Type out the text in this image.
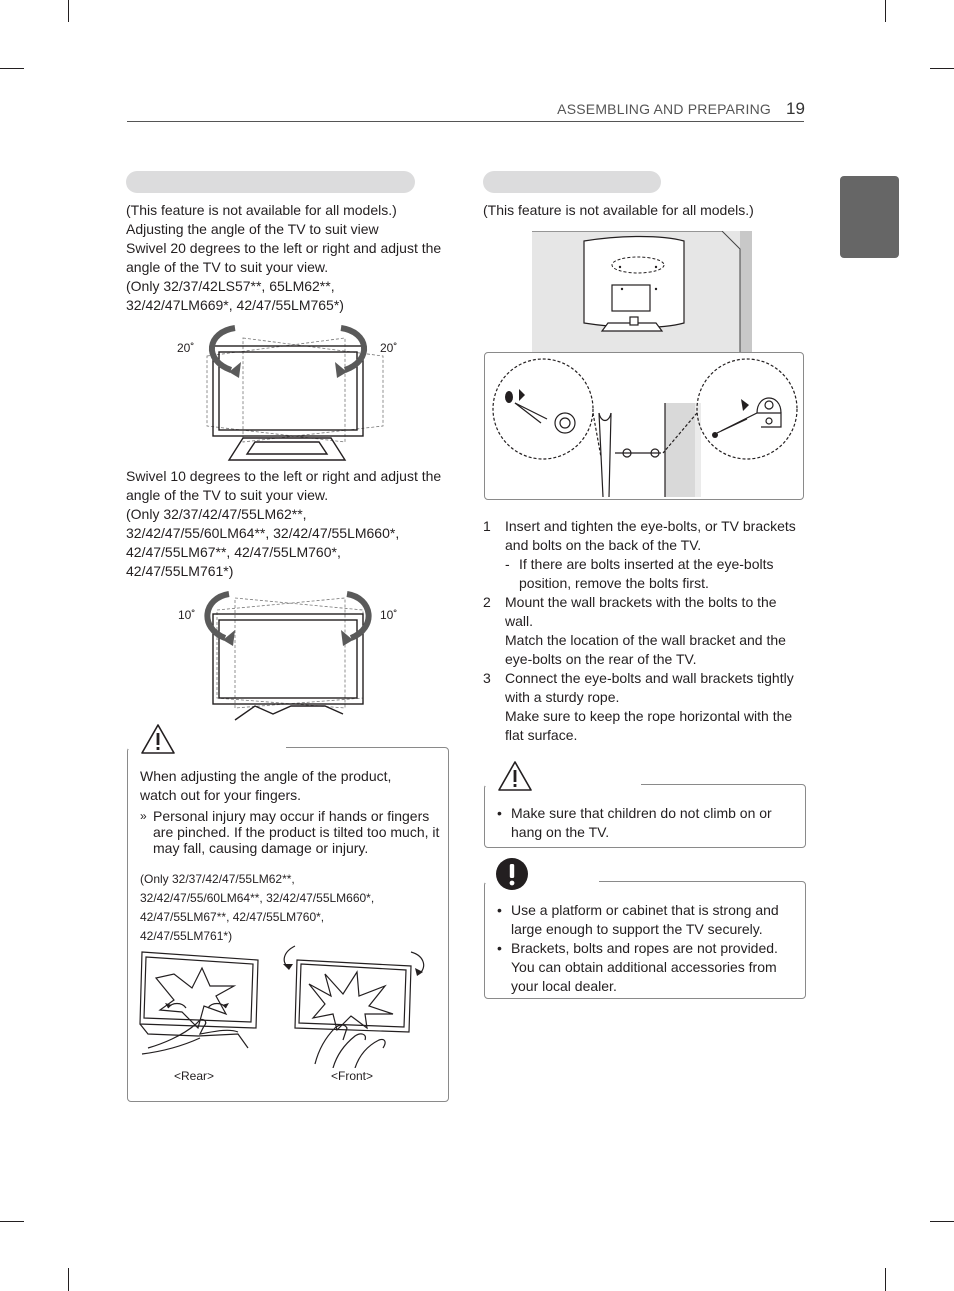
ASSEMBLING AND PREPARING 19

(This feature is not available for all models.)

Adjusting the angle of the TV to suit view

Swivel 20 degrees to the left or right and adjust the

angle of the TV to suit your view.

(Only 32/37/42LS57**, 65LM62**,

32/42/47LM669*, 42/47/55LM765*)

20˚	20˚

Swivel 10 degrees to the left or right and adjust the

angle of the TV to suit your view.

(Only 32/37/42/47/55LM62**,

32/42/47/55/60LM64**, 32/42/47/55LM660*,

42/47/55LM67**, 42/47/55LM760*,

42/47/55LM761*)

10˚	10˚

When adjusting the angle of the product,

watch out for your fingers.

» Personal injury may occur if hands or fingers

are pinched. If the product is tilted too much, it

may fall, causing damage or injury.

(Only 32/37/42/47/55LM62**,

32/42/47/55/60LM64**, 32/42/47/55LM660*,

42/47/55LM67**, 42/47/55LM760*,

42/47/55LM761*)

<Rear>	<Front>
(This feature is not available for all models.)
1 Insert and tighten the eye-bolts, or TV brackets

and bolts on the back of the TV.

- If there are bolts inserted at the eye-bolts

position, remove the bolts first.

2 Mount the wall brackets with the bolts to the

wall.

Match the location of the wall bracket and the

eye-bolts on the rear of the TV.

3 Connect the eye-bolts and wall brackets tightly

with a sturdy rope.

Make sure to keep the rope horizontal with the

flat surface.

• Make sure that children do not climb on or

hang on the TV.

• Use a platform or cabinet that is strong and

large enough to support the TV securely.

• Brackets, bolts and ropes are not provided.

You can obtain additional accessories from

your local dealer.
